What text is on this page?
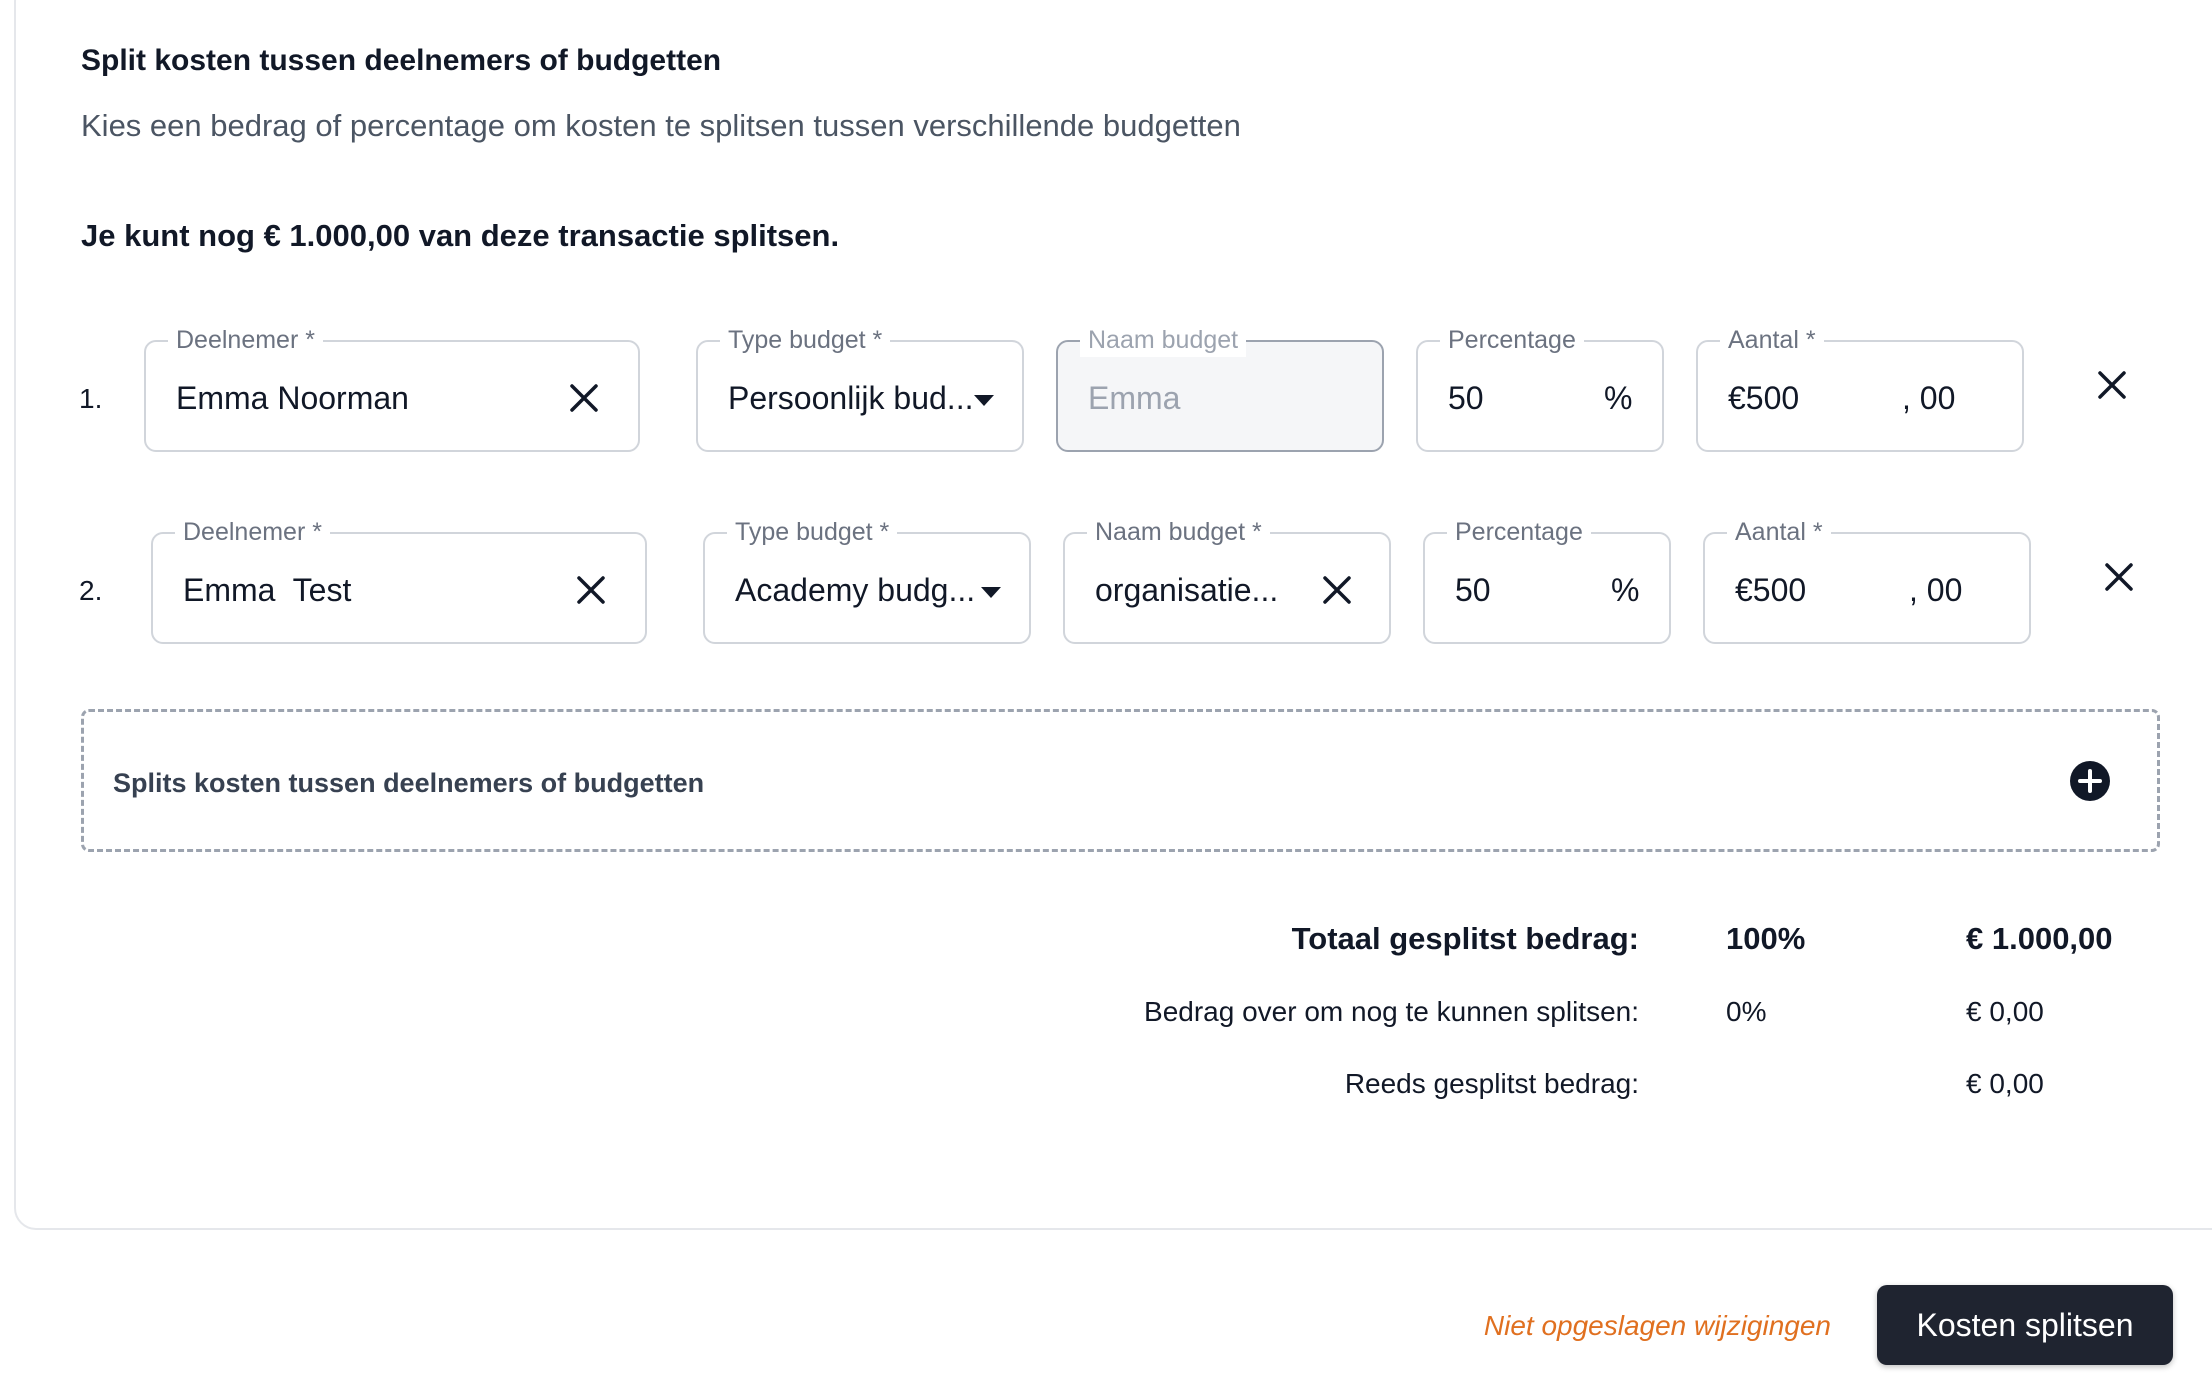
Split kosten tussen deelnemers of budgetten
Kies een bedrag of percentage om kosten te splitsen tussen verschillende budgetten
Je kunt nog € 1.000,00 van deze transactie splitsen.
1.
Deelnemer *
Emma Noorman
Type budget *
Persoonlijk bud...
Naam budget
Emma
Percentage
50	%
Aantal *
€500	, 00
2.
Deelnemer *
Emma  Test
Type budget *
Academy budg...
Naam budget *
organisatie...
Percentage
50	%
Aantal *
€500	, 00
Splits kosten tussen deelnemers of budgetten
Totaal gesplitst bedrag:	100%	€ 1.000,00
Bedrag over om nog te kunnen splitsen:	0%	€ 0,00
Reeds gesplitst bedrag:	€ 0,00
Niet opgeslagen wijzigingen	Kosten splitsen
